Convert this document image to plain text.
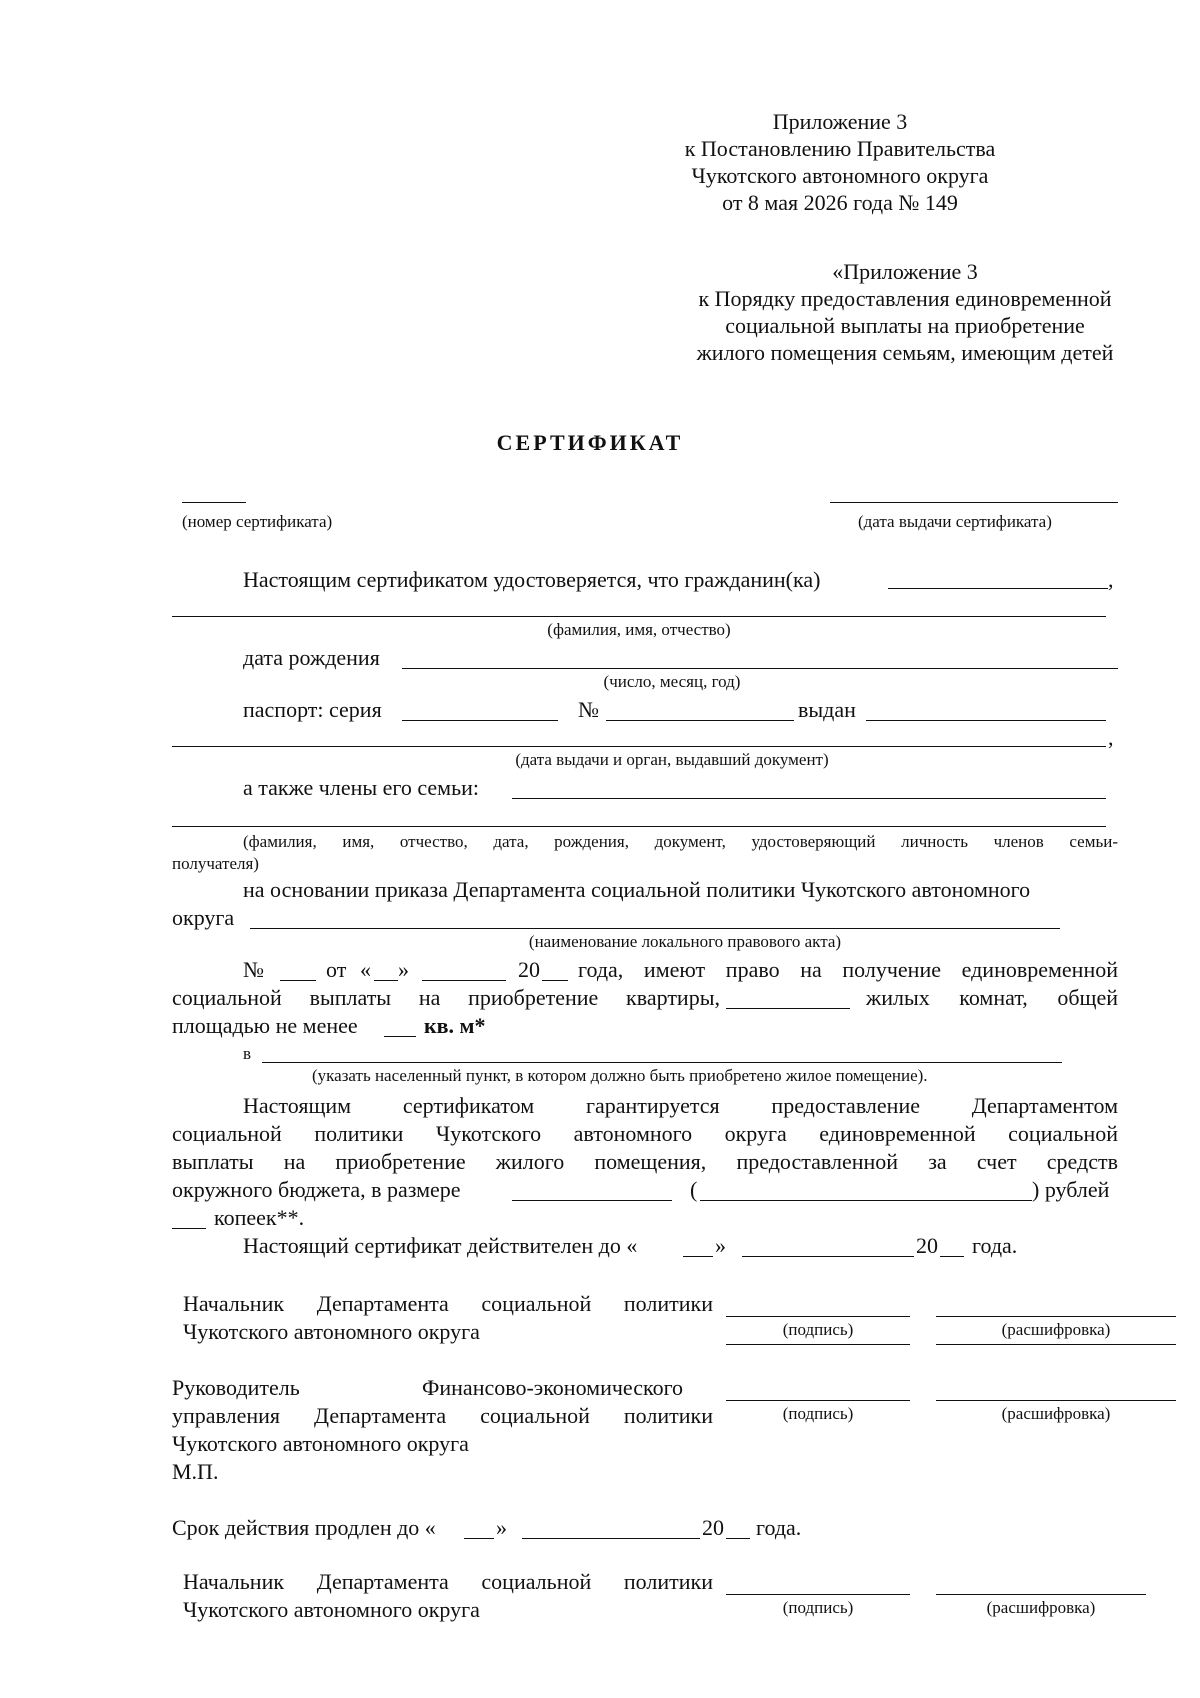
Приложение 3
к Постановлению Правительства
Чукотского автономного округа
от 8 мая 2026 года № 149
«Приложение 3
к Порядку предоставления единовременной
социальной выплаты на приобретение
жилого помещения семьям, имеющим детей
СЕРТИФИКАТ
(номер сертификата)	(дата выдачи сертификата)
Настоящим сертификатом удостоверяется, что гражданин(ка)	,
(фамилия, имя, отчество)
дата рождения
(число, месяц, год)
паспорт: серия	№	выдан
,
(дата выдачи и орган, выдавший документ)
а также члены его семьи:
(фамилия, имя, отчество, дата, рождения, документ, удостоверяющий личность членов семьи-
получателя)
на основании приказа Департамента социальной политики Чукотского автономного
округа
(наименование локального правового акта)
№	от « »	20 года, имеют право на получение единовременной
социальной выплаты на приобретение квартиры,	жилых комнат, общей
площадью не менее	кв. м*
в
(указать населенный пункт, в котором должно быть приобретено жилое помещение).
Настоящим сертификатом гарантируется предоставление Департаментом
социальной политики Чукотского автономного округа единовременной социальной
выплаты на приобретение жилого помещения, предоставленной за счет средств
окружного бюджета, в размере	(	) рублей
копеек**.
Настоящий сертификат действителен до «	»	20 года.
Начальник Департамента социальной политики
Чукотского автономного округа	(подпись)	(расшифровка)
Руководитель	Финансово-экономического
управления Департамента социальной политики
Чукотского автономного округа
М.П.
(подпись)	(расшифровка)
Срок действия продлен до «	»	20 года.
Начальник Департамента социальной политики
Чукотского автономного округа	(подпись)	(расшифровка)
